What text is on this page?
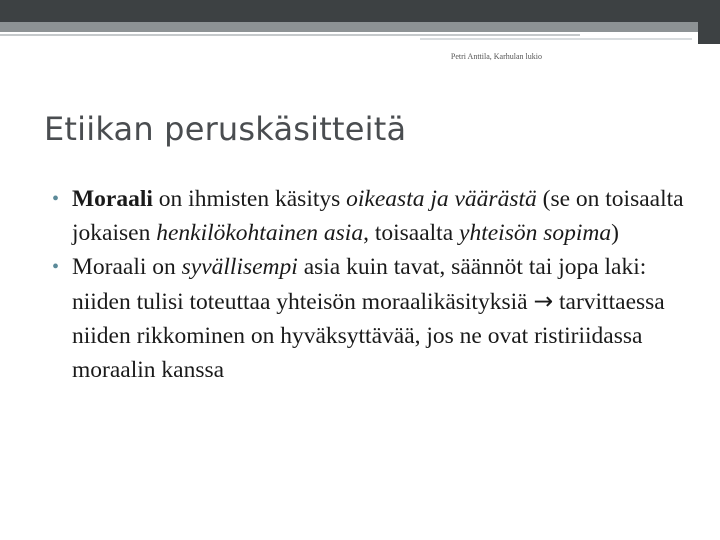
Petri Anttila, Karhulan lukio
Etiikan peruskäsitteitä
• Moraali on ihmisten käsitys oikeasta ja väärästä (se on toisaalta jokaisen henkilökohtainen asia, toisaalta yhteisön sopima)
• Moraali on syvällisempi asia kuin tavat, säännöt tai jopa laki: niiden tulisi toteuttaa yhteisön moraalikäsityksiä → tarvittaessa niiden rikkominen on hyväksyttävää, jos ne ovat ristiriidassa moraalin kanssa
